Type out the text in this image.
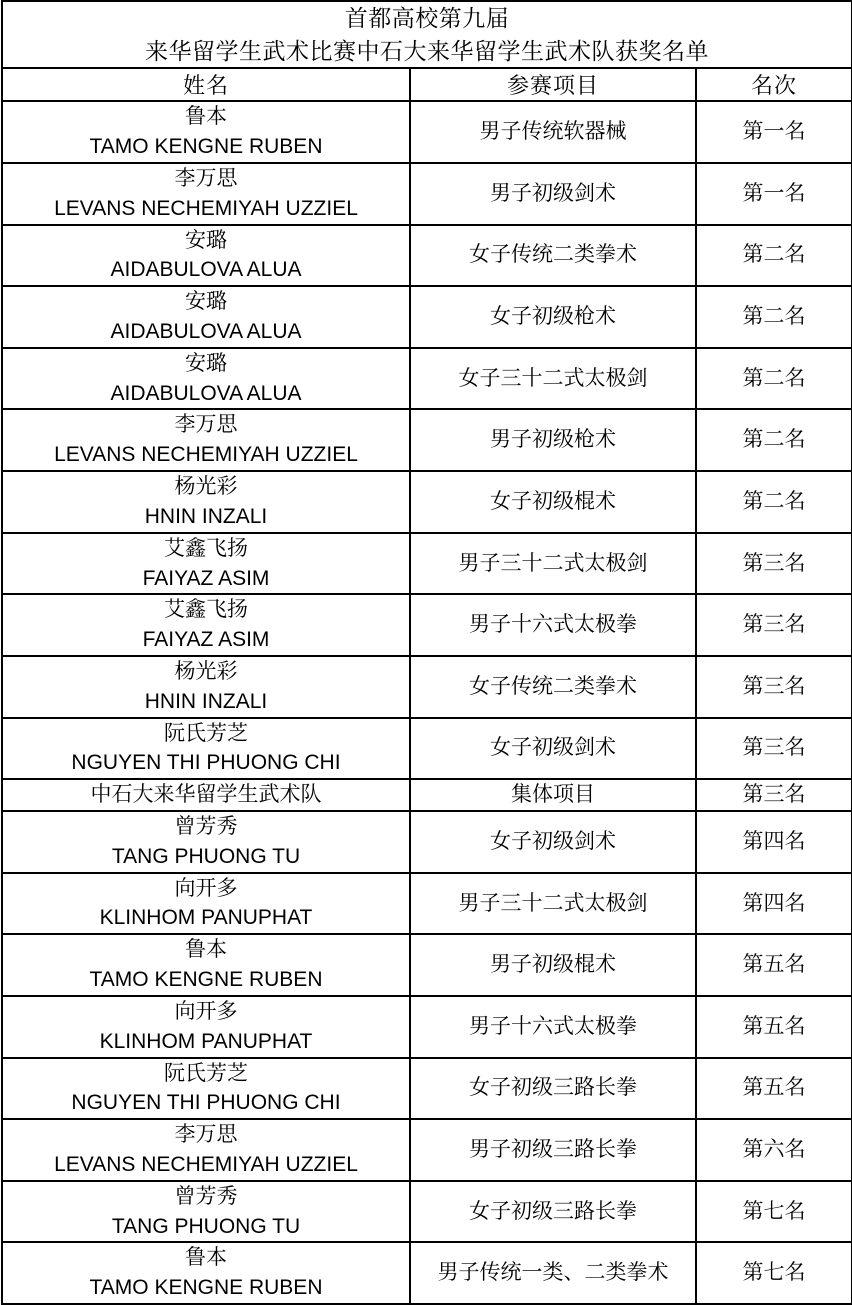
首都高校第九届
来华留学生武术比赛中石大来华留学生武术队获奖名单		

姓名	参赛项目	名次

鲁本
TAMO KENGNE RUBEN	男子传统软器械	第一名

李万思
LEVANS NECHEMIYAH UZZIEL	男子初级剑术	第一名

安璐
AIDABULOVA ALUA	女子传统二类拳术	第二名

安璐
AIDABULOVA ALUA	女子初级枪术	第二名

安璐
AIDABULOVA ALUA	女子三十二式太极剑	第二名

李万思
LEVANS NECHEMIYAH UZZIEL	男子初级枪术	第二名

杨光彩
HNIN INZALI	女子初级棍术	第二名

艾鑫飞扬
FAIYAZ ASIM	男子三十二式太极剑	第三名

艾鑫飞扬
FAIYAZ ASIM	男子十六式太极拳	第三名

杨光彩
HNIN INZALI	女子传统二类拳术	第三名

阮氏芳芝
NGUYEN THI PHUONG CHI	女子初级剑术	第三名

中石大来华留学生武术队	集体项目	第三名

曾芳秀
TANG PHUONG TU	女子初级剑术	第四名

向开多
KLINHOM PANUPHAT	男子三十二式太极剑	第四名

鲁本
TAMO KENGNE RUBEN	男子初级棍术	第五名

向开多
KLINHOM PANUPHAT	男子十六式太极拳	第五名

阮氏芳芝
NGUYEN THI PHUONG CHI	女子初级三路长拳	第五名

李万思
LEVANS NECHEMIYAH UZZIEL	男子初级三路长拳	第六名

曾芳秀
TANG PHUONG TU	女子初级三路长拳	第七名

鲁本
TAMO KENGNE RUBEN	男子传统一类、二类拳术	第七名
